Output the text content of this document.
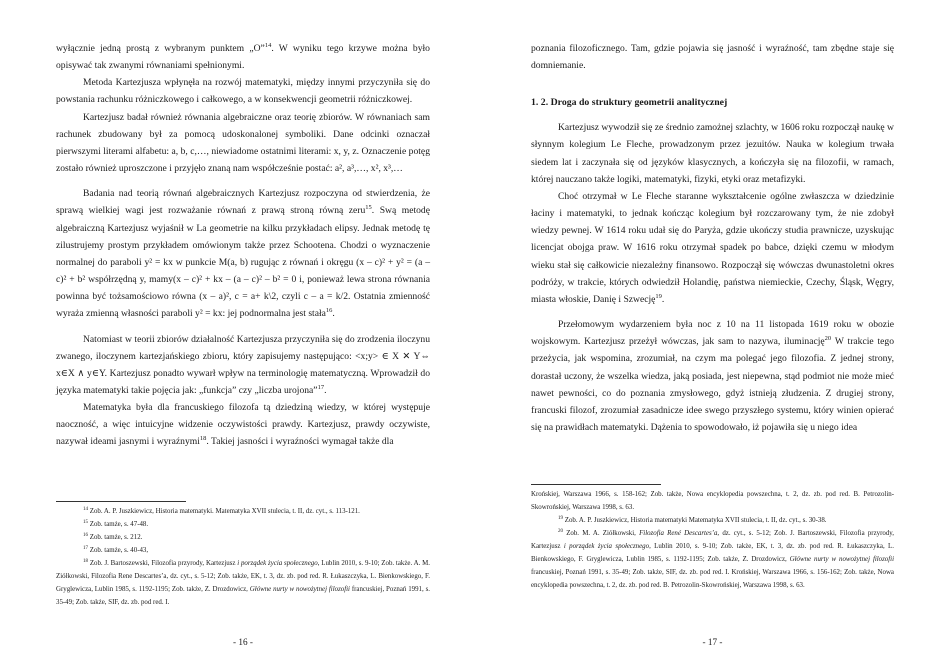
wyłącznie jedną prostą z wybranym punktem „O”$^{14}$. W wyniku tego krzywe można było opisywać tak zwanymi równaniami spełnionymi.

Metoda Kartezjusza wpłynęła na rozwój matematyki, między innymi przyczyniła się do powstania rachunku różniczkowego i całkowego, a w konsekwencji geometrii różniczkowej.

Kartezjusz badał również równania algebraiczne oraz teorię zbiorów. W równaniach sam rachunek zbudowany był za pomocą udoskonalonej symboliki. Dane odcinki oznaczał pierwszymi literami alfabetu: a, b, c,…, niewiadome ostatnimi literami: x, y, z. Oznaczenie potęg zostało również uproszczone i przyjęło znaną nam współcześnie postać: a², a³,…, x², x³,…

Badania nad teorią równań algebraicznych Kartezjusz rozpoczyna od stwierdzenia, że sprawą wielkiej wagi jest rozważanie równań z prawą stroną równą zeru$^{15}$. Swą metodę algebraiczną Kartezjusz wyjaśnił w La geometrie na kilku przykładach elipsy. Jednak metodę tę zilustrujemy prostym przykładem omówionym także przez Schootena. Chodzi o wyznaczenie normalnej do paraboli y² = kx w punkcie M(a, b) rugując z równań i okręgu (x – c)² + y² = (a – c)² + b² współrzędną y, mamy(x – c)² + kx – (a – c)² – b² = 0 i, ponieważ lewa strona równania powinna być tożsamościowo równa (x – a)², c = a+ k\2, czyli c – a = k/2. Ostatnia zmienność wyraża zmienną własności paraboli y² = kx: jej podnormalna jest stała$^{16}$.

Natomiast w teorii zbiorów działalność Kartezjusza przyczyniła się do zrodzenia iloczynu zwanego, iloczynem kartezjańskiego zbioru, który zapisujemy następująco: <x;y> ∈ X ✕ Y⇔ x∈X ∧ y∈Y. Kartezjusz ponadto wywarł wpływ na terminologię matematyczną. Wprowadził do języka matematyki takie pojęcia jak: „funkcja” czy „liczba urojona”$^{17}$.

Matematyka była dla francuskiego filozofa tą dziedziną wiedzy, w której występuje naoczność, a więc intuicyjne widzenie oczywistości prawdy. Kartezjusz, prawdy oczywiste, nazywał ideami jasnymi i wyraźnymi$^{18}$. Takiej jasności i wyraźności wymagał także dla

$^{14}$ Zob. A. P. Juszkiewicz, Historia matematyki. Matematyka XVII stulecia, t. II, dz. cyt., s. 113-121.

$^{15}$ Zob. tamże, s. 47-48.

$^{16}$ Zob. tamże, s. 212.

$^{17}$ Zob. tamże, s. 40-43,

$^{18}$ Zob. J. Bartoszewski, Filozofia przyrody, Kartezjusz i porządek życia społecznego, Lublin 2010, s. 9-10; Zob. także. A. M. Ziółkowski, Filozofia Rene Descartes’a, dz. cyt., s. 5-12; Zob. także, EK, t. 3, dz. zb. pod red. R. Łukaszczyka, L. Bienkowskiego, F. Gryglewicza, Lublin 1985, s. 1192-1195; Zob. także, Z. Drozdowicz, Główne nurty w nowożytnej filozofii francuskiej, Poznań 1991, s. 35-49; Zob. także, SIF, dz. zb. pod red. I.

- 16 -

poznania filozoficznego. Tam, gdzie pojawia się jasność i wyraźność, tam zbędne staje się domniemanie.

1. 2. Droga do struktury geometrii analitycznej

Kartezjusz wywodził się ze średnio zamożnej szlachty, w 1606 roku rozpoczął naukę w słynnym kolegium Le Fleche, prowadzonym przez jezuitów. Nauka w kolegium trwała siedem lat i zaczynała się od języków klasycznych, a kończyła się na filozofii, w ramach, której nauczano także logiki, matematyki, fizyki, etyki oraz metafizyki.

Choć otrzymał w Le Fleche staranne wykształcenie ogólne zwłaszcza w dziedzinie łaciny i matematyki, to jednak kończąc kolegium był rozczarowany tym, że nie zdobył wiedzy pewnej. W 1614 roku udał się do Paryża, gdzie ukończy studia prawnicze, uzyskując licencjat obojga praw. W 1616 roku otrzymał spadek po babce, dzięki czemu w młodym wieku stał się całkowicie niezależny finansowo. Rozpoczął się wówczas dwunastoletni okres podróży, w trakcie, których odwiedził Holandię, państwa niemieckie, Czechy, Śląsk, Węgry, miasta włoskie, Danię i Szwecję$^{19}$.

Przełomowym wydarzeniem była noc z 10 na 11 listopada 1619 roku w obozie wojskowym. Kartezjusz przeżył wówczas, jak sam to nazywa, iluminację$^{20}$ W trakcie tego przeżycia, jak wspomina, zrozumiał, na czym ma polegać jego filozofia. Z jednej strony, dorastał uczony, że wszelka wiedza, jaką posiada, jest niepewna, stąd podmiot nie może mieć nawet pewności, co do poznania zmysłowego, gdyż istnieją złudzenia. Z drugiej strony, francuski filozof, zrozumiał zasadnicze idee swego przyszłego systemu, który winien opierać się na prawidłach matematyki. Dążenia to spowodowało, iż pojawiła się u niego idea

Krońskiej, Warszawa 1966, s. 158-162; Zob. także, Nowa encyklopedia powszechna, t. 2, dz. zb. pod red. B. Petrozolin-Skowrońskiej, Warszawa 1998, s. 63.

$^{19}$ Zob. A. P. Juszkiewicz, Historia matematyki Matematyka XVII stulecia, t. II, dz. cyt., s. 30-38.

$^{20}$ Zob. M. A. Ziółkowski, Filozofia René Descartes’a, dz. cyt., s. 5-12; Zob. J. Bartoszewski, Filozofia przyrody, Kartezjusz i porządek życia społecznego, Lublin 2010, s. 9-10; Zob. także, EK, t. 3, dz. zb. pod red. R. Łukaszczyka, L. Bienkowskiego, F. Gryglewicza, Lublin 1985, s. 1192-1195; Zob. także, Z. Drozdowicz, Główne nurty w nowożytnej filozofii francuskiej, Poznań 1991, s. 35-49; Zob. także, SIF, dz. zb. pod red. I. Krońskiej, Warszawa 1966, s. 156-162; Zob. także, Nowa encyklopedia powszechna, t. 2, dz. zb. pod red. B. Petrozolin-Skowrońskiej, Warszawa 1998, s. 63.

- 17 -
